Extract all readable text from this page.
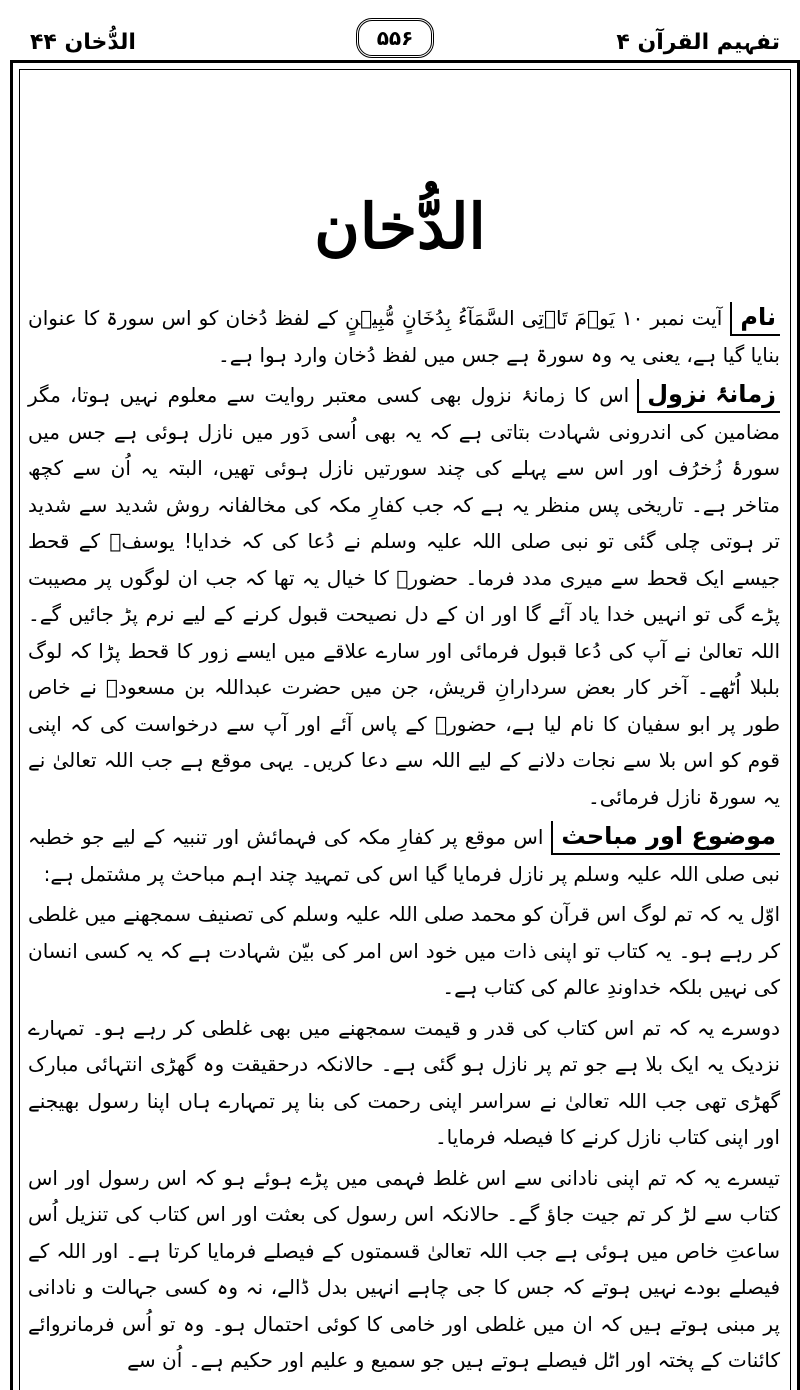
تفہیم القرآن ۴
۵۵۶
الدُّخان ۴۴
الدُّخان

نامآیت نمبر ۱۰ یَوۡمَ تَاۡتِی السَّمَآءُ بِدُخَانٍ مُّبِیۡنٍ کے لفظ دُخان کو اس سورۃ کا عنوان بنایا گیا ہے، یعنی یہ وہ سورۃ ہے جس میں لفظ دُخان وارد ہوا ہے۔

زمانۂ نزولاس کا زمانۂ نزول بھی کسی معتبر روایت سے معلوم نہیں ہوتا، مگر مضامین کی اندرونی شہادت بتاتی ہے کہ یہ بھی اُسی دَور میں نازل ہوئی ہے جس میں سورۂ زُخرُف اور اس سے پہلے کی چند سورتیں نازل ہوئی تھیں، البتہ یہ اُن سے کچھ متاخر ہے۔ تاریخی پس منظر یہ ہے کہ جب کفارِ مکہ کی مخالفانہ روش شدید سے شدید تر ہوتی چلی گئی تو نبی صلی اللہ علیہ وسلم نے دُعا کی کہ خدایا! یوسفؑ کے قحط جیسے ایک قحط سے میری مدد فرما۔ حضورؐ کا خیال یہ تھا کہ جب ان لوگوں پر مصیبت پڑے گی تو انہیں خدا یاد آئے گا اور ان کے دل نصیحت قبول کرنے کے لیے نرم پڑ جائیں گے۔ اللہ تعالیٰ نے آپ کی دُعا قبول فرمائی اور سارے علاقے میں ایسے زور کا قحط پڑا کہ لوگ بلبلا اُٹھے۔ آخر کار بعض سردارانِ قریش، جن میں حضرت عبداللہ بن مسعودؓ نے خاص طور پر ابو سفیان کا نام لیا ہے، حضورؐ کے پاس آئے اور آپ سے درخواست کی کہ اپنی قوم کو اس بلا سے نجات دلانے کے لیے اللہ سے دعا کریں۔ یہی موقع ہے جب اللہ تعالیٰ نے یہ سورۃ نازل فرمائی۔

موضوع اور مباحثاس موقع پر کفارِ مکہ کی فہمائش اور تنبیہ کے لیے جو خطبہ نبی صلی اللہ علیہ وسلم پر نازل فرمایا گیا اس کی تمہید چند اہم مباحث پر مشتمل ہے:

اوّل یہ کہ تم لوگ اس قرآن کو محمد صلی اللہ علیہ وسلم کی تصنیف سمجھنے میں غلطی کر رہے ہو۔ یہ کتاب تو اپنی ذات میں خود اس امر کی بیّن شہادت ہے کہ یہ کسی انسان کی نہیں بلکہ خداوندِ عالم کی کتاب ہے۔

دوسرے یہ کہ تم اس کتاب کی قدر و قیمت سمجھنے میں بھی غلطی کر رہے ہو۔ تمہارے نزدیک یہ ایک بلا ہے جو تم پر نازل ہو گئی ہے۔ حالانکہ درحقیقت وہ گھڑی انتہائی مبارک گھڑی تھی جب اللہ تعالیٰ نے سراسر اپنی رحمت کی بنا پر تمہارے ہاں اپنا رسول بھیجنے اور اپنی کتاب نازل کرنے کا فیصلہ فرمایا۔

تیسرے یہ کہ تم اپنی نادانی سے اس غلط فہمی میں پڑے ہوئے ہو کہ اس رسول اور اس کتاب سے لڑ کر تم جیت جاؤ گے۔ حالانکہ اس رسول کی بعثت اور اس کتاب کی تنزیل اُس ساعتِ خاص میں ہوئی ہے جب اللہ تعالیٰ قسمتوں کے فیصلے فرمایا کرتا ہے۔ اور اللہ کے فیصلے بودے نہیں ہوتے کہ جس کا جی چاہے انہیں بدل ڈالے، نہ وہ کسی جہالت و نادانی پر مبنی ہوتے ہیں کہ ان میں غلطی اور خامی کا کوئی احتمال ہو۔ وہ تو اُس فرمانروائے کائنات کے پختہ اور اٹل فیصلے ہوتے ہیں جو سمیع و علیم اور حکیم ہے۔ اُن سے
